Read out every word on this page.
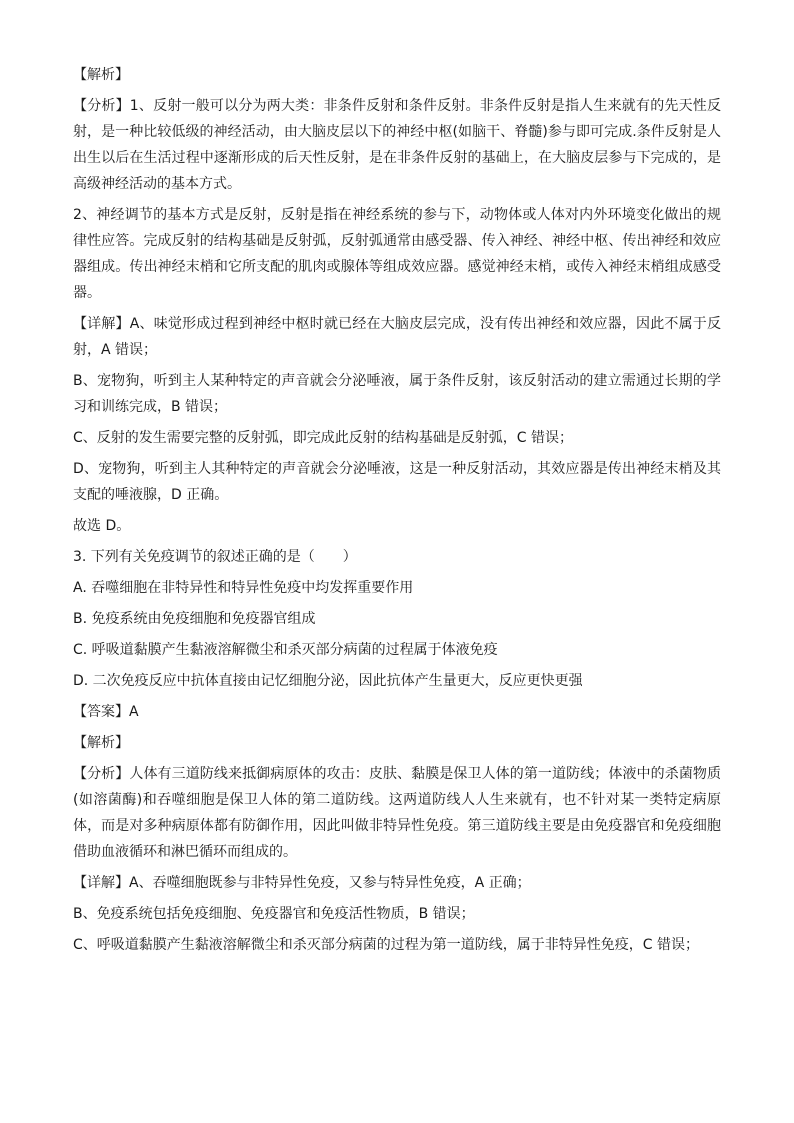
【解析】

【分析】1、反射一般可以分为两大类：非条件反射和条件反射。非条件反射是指人生来就有的先天性反射，是一种比较低级的神经活动，由大脑皮层以下的神经中枢(如脑干、脊髓)参与即可完成.条件反射是人出生以后在生活过程中逐渐形成的后天性反射，是在非条件反射的基础上，在大脑皮层参与下完成的，是高级神经活动的基本方式。

2、神经调节的基本方式是反射，反射是指在神经系统的参与下，动物体或人体对内外环境变化做出的规律性应答。完成反射的结构基础是反射弧，反射弧通常由感受器、传入神经、神经中枢、传出神经和效应器组成。传出神经末梢和它所支配的肌肉或腺体等组成效应器。感觉神经末梢，或传入神经末梢组成感受器。

【详解】A、味觉形成过程到神经中枢时就已经在大脑皮层完成，没有传出神经和效应器，因此不属于反射，A 错误；

B、宠物狗，听到主人某种特定的声音就会分泌唾液，属于条件反射，该反射活动的建立需通过长期的学习和训练完成，B 错误；

C、反射的发生需要完整的反射弧，即完成此反射的结构基础是反射弧，C 错误；

D、宠物狗，听到主人其种特定的声音就会分泌唾液，这是一种反射活动，其效应器是传出神经末梢及其支配的唾液腺，D 正确。

故选 D。

3. 下列有关免疫调节的叙述正确的是（　　）

A. 吞噬细胞在非特异性和特异性免疫中均发挥重要作用

B. 免疫系统由免疫细胞和免疫器官组成

C. 呼吸道黏膜产生黏液溶解微尘和杀灭部分病菌的过程属于体液免疫

D. 二次免疫反应中抗体直接由记忆细胞分泌，因此抗体产生量更大，反应更快更强

【答案】A

【解析】

【分析】人体有三道防线来抵御病原体的攻击：皮肤、黏膜是保卫人体的第一道防线；体液中的杀菌物质(如溶菌酶)和吞噬细胞是保卫人体的第二道防线。这两道防线人人生来就有，也不针对某一类特定病原体，而是对多种病原体都有防御作用，因此叫做非特异性免疫。第三道防线主要是由免疫器官和免疫细胞借助血液循环和淋巴循环而组成的。

【详解】A、吞噬细胞既参与非特异性免疫，又参与特异性免疫，A 正确；

B、免疫系统包括免疫细胞、免疫器官和免疫活性物质，B 错误；

C、呼吸道黏膜产生黏液溶解微尘和杀灭部分病菌的过程为第一道防线，属于非特异性免疫，C 错误；
